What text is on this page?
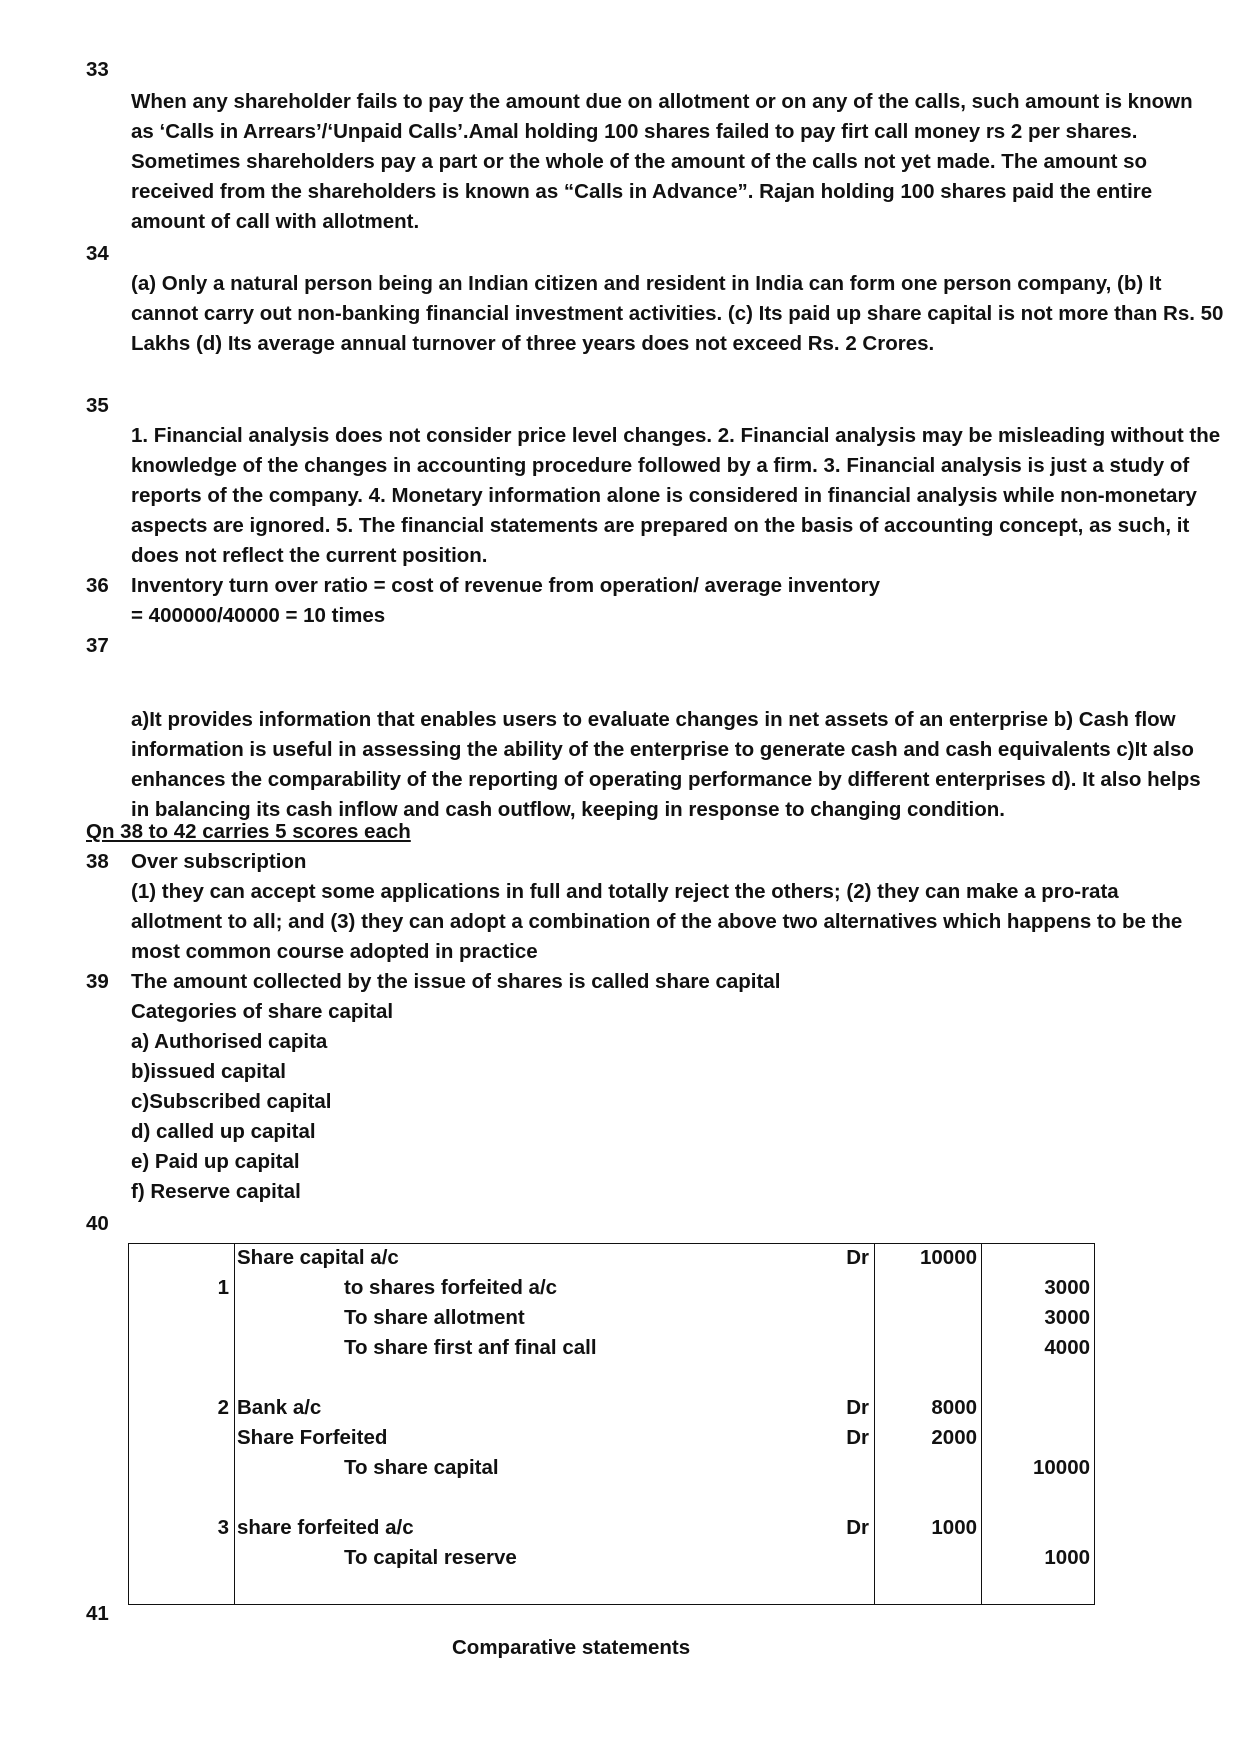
33
When any shareholder fails to pay the amount due on allotment or on any of the calls, such amount is known
as ‘Calls in Arrears’/‘Unpaid Calls’.Amal holding 100 shares failed to pay firt call money rs 2 per shares.
Sometimes shareholders pay a part or the whole of the amount of the calls not yet made. The amount so
received from the shareholders is known as “Calls in Advance”. Rajan holding 100 shares paid the entire
amount of call with allotment.
34
(a) Only a natural person being an Indian citizen and resident in India can form one person company, (b) It
cannot carry out non-banking financial investment activities. (c) Its paid up share capital is not more than Rs. 50
Lakhs (d) Its average annual turnover of three years does not exceed Rs. 2 Crores.
35
1. Financial analysis does not consider price level changes. 2. Financial analysis may be misleading without the
knowledge of the changes in accounting procedure followed by a firm. 3. Financial analysis is just a study of
reports of the company. 4. Monetary information alone is considered in financial analysis while non-monetary
aspects are ignored. 5. The financial statements are prepared on the basis of accounting concept, as such, it
does not reflect the current position.
36 Inventory turn over ratio = cost of revenue from operation/ average inventory
= 400000/40000 = 10 times
37
a)It provides information that enables users to evaluate changes in net assets of an enterprise b) Cash flow
information is useful in assessing the ability of the enterprise to generate cash and cash equivalents c)It also
enhances the comparability of the reporting of operating performance by different enterprises d). It also helps
in balancing its cash inflow and cash outflow, keeping in response to changing condition.
Qn 38 to 42 carries 5 scores each
38 Over subscription
(1) they can accept some applications in full and totally reject the others; (2) they can make a pro-rata
allotment to all; and (3) they can adopt a combination of the above two alternatives which happens to be the
most common course adopted in practice
39 The amount collected by the issue of shares is called share capital
Categories of share capital
a) Authorised capita
b)issued capital
c)Subscribed capital
d) called up capital
e) Paid up capital
f) Reserve capital
40
Share capital a/c	Dr	10000
1	to shares forfeited a/c	3000
To share allotment	3000
To share first anf final call	4000
2 Bank a/c	Dr	8000
Share Forfeited	Dr	2000
To share capital	10000
3 share forfeited a/c	Dr	1000
To capital reserve	1000
41
Comparative statements
